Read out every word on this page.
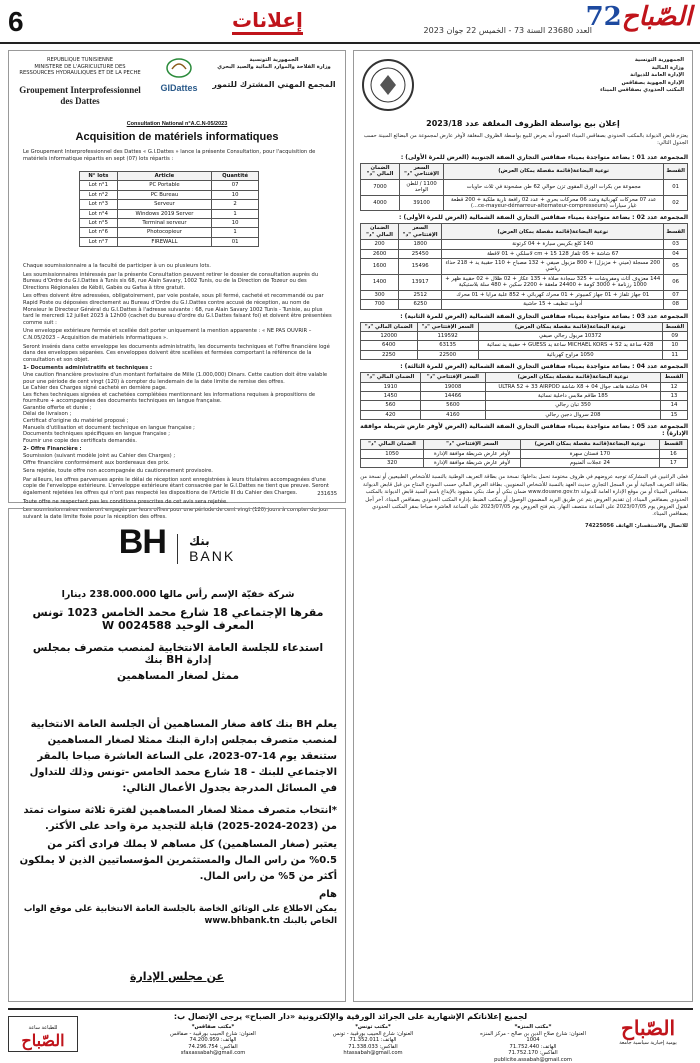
6	إعلانات	الصّباح72
العدد 23680 السنة 73 - الخميس 22 جوان 2023
REPUBLIQUE TUNISIENNE
MINISTERE DE L'AGRICULTURE DES
RESSOURCES HYDRAULIQUES ET DE LA PECHE
Groupement Interprofessionnel des Dattes
GIDattes
الجمهورية التونسية
وزارة الفلاحة والموارد المائية والصيد البحري
المجمع المهني المشترك للتمور
Consultation National n°A.C.N-05/2023
Acquisition de matériels informatiques
Le Groupement Interprofessionnel des Dattes « G.I.Dattes » lance la présente Consultation, pour l'acquisition de matériels informatique répartis en sept (07) lots répartis :
N° lots	Article	Quantité
Lot n°1	PC Portable	07
Lot n°2	PC Bureau	10
Lot n°3	Serveur	2
Lot n°4	Windows 2019 Server	1
Lot n°5	Terminal serveur	10
Lot n°6	Photocopieur	1
Lot n°7	FIREWALL	01

Chaque soumissionnaire a la faculté de participer à un ou plusieurs lots.

Les soumissionnaires intéressés par la présente Consultation peuvent retirer le dossier de consultation auprès du Bureau d'Ordre du G.I.Dattes à Tunis sis 68, rue Alain Savary, 1002 Tunis, ou de la Direction de Tozeur ou des Directions Régionales de Kébili, Gabès ou Gafsa à titre gratuit.

Les offres doivent être adressées, obligatoirement, par voie postale, sous pli fermé, cacheté et recommandé ou par Rapid Poste ou déposées directement au Bureau d'Ordre du G.I.Dattes contre accusé de réception, au nom de Monsieur le Directeur Général du G.I.Dattes à l'adresse suivante : 68, rue Alain Savary 1002 Tunis - Tunisie, au plus tard le mercredi 12 juillet 2023 à 12h00 (cachet du bureau d'ordre du G.I.Dattes faisant foi) et doivent être présentées comme suit :

Une enveloppe extérieure fermée et scellée doit porter uniquement la mention apparente : « NE PAS OUVRIR – C.N.05/2023 – Acquisition de matériels informatiques ».

Seront insérés dans cette enveloppe les documents administratifs, les documents techniques et l'offre financière logé dans des enveloppes séparées. Ces enveloppes doivent être scellées et fermées comportant la référence de la consultation et son objet.

1- Documents administratifs et techniques :

Une caution financière provisoire d'un montant forfaitaire de Mille (1.000,000) Dinars. Cette caution doit être valable pour une période de cent vingt (120) à compter du lendemain de la date limite de remise des offres.

Le Cahier des Charges signé cacheté en dernière page.

Les fiches techniques signées et cachetées complétées mentionnant les informations requises à propositions de fourniture + accompagnées des documents techniques en langue française.

Garantie offerte et durée ;

Délai de livraison ;

Certificat d'origine du matériel proposé ;

Manuels d'utilisation et document technique en langue française ;

Documents techniques spécifiques en langue française ;

Fournir une copie des certificats demandés.

2- Offre Financière :

Soumission (suivant modèle joint au Cahier des Charges) ;

Offre financière conformément aux bordereaux des prix.

Sera rejetée, toute offre non accompagnée du cautionnement provisoire.

Par ailleurs, les offres parvenues après le délai de réception sont enregistrées à leurs titulaires accompagnées d'une copie de l'enveloppe extérieure. L'enveloppe extérieure étant consacrée par le G.I.Dattes ne tient que preuve. Seront également rejetées les offres qui n'ont pas respecté les dispositions de l'Article III du Cahier des Charges.

Toute offre ne respectant pas les conditions prescrites de cet avis sera rejetée.

Les soumissionnaires resteront engagés par leurs offres pour une période de cent vingt (120) jours à compter du jour suivant la date limite fixée pour la réception des offres.

231635
BH بنك
BANK
شركة خفيّة الإسم رأس مالها 238.000.000 دينارا
مقرها الإجتماعي 18 شارع محمد الخامس 1023 تونس
المعرف الوحيد W 0024588
استدعاء للجلسة العامة الانتخابية لمنصب متصرف بمجلس إدارة BH بنك
ممثل لصغار المساهمين

يعلم BH بنك كافة صغار المساهمين أن الجلسة العامة الانتخابية لمنصب متصرف بمجلس إدارة البنك ممثلا لصغار المساهمين ستنعقد يوم 14-07-2023، على الساعة العاشرة صباحا بالمقر الاجتماعي للبنك - 18 شارع محمد الخامس -تونس وذلك للتداول في المسائل المدرجة بجدول الأعمال التالي:

*انتخاب متصرف ممثلا لصغار المساهمين لفترة ثلاثة سنوات تمتد من (2023-2024-2025) قابلة للتجديد مرة واحد على الأكثر.

يعتبر (صغار المساهمين) كل مساهم لا يملك فرادى أكثر من 0.5% من راس المال والمستثمرين المؤسساتيين الذين لا يملكون أكثر من 5% من راس المال.

هام

يمكن الاطلاع على الوثائق الخاصة بالجلسة العامة الانتخابية على موقع الواب الخاص بالبنك www.bhbank.tn

عن مجلس الإدارة
الجمهورية التونسية
وزارة المالية
الإدارة العامة للديوانة
الإدارة الجهوية بصفاقس
المكتب الحدودي بصفاقس الميناء
إعلان بيع بواسطة الظروف المغلقة عدد 2023/18
يعتزم قابض الديوانة بالمكتب الحدودي بصفاقس الميناء العموم أنه يعرض للبيع بواسطة الظروف المغلقة لأوفر عارض لمجموعة من البضائع المبينة حسب الجدول التالي:
المجموعة عدد 01 : بضاعة متواجدة بميناء صفاقس التجاري الضفة الجنوبية (العرض للمرة الأولى) :
القسط	نوعية البضاعة(قائمة مفصلة بمكان العرض)	السعر الإفتتاحي "د"	الضمان المالي "د"
01	مجموعة من بكرات الورق المقوى تزن حوالي 62 طن مشحونة في ثلاث حاويات	1100 / للطن الواحد	7000
02	عدد 07 محركات كهربائية وعدد 06 محركات بحري + عدد 02 رافعة نارية ملكية + 200 قطعة غيار سيارات (ce-mayeur-démarreur-alternateur-compresseurs...)	39100	4000
المجموعة عدد 02 : بضاعة متواجدة بميناء صفاقس التجاري الضفة الشمالية (العرض للمرة الأولى) :
القسط	نوعية البضاعة(قائمة مفصلة بمكان العرض)	السعر الإفتتاحي "د"	الضمان المالي "د"
03	140 كلغ بكريس سيارة + 04 كرتونة	1800	200
04	67 شاشة + 05 تلفاز 128 cm + 15 لاسلكي + 01 لاقطة	25450	2600
05	200 مسجلة (ميني + مزيزل) + 800 مزيول صيفي + 132 مصباح + 110 حقيبة يد + 218 حذاء رياضي	15496	1600
06	144 معزوف أثاث ومفروشات + 325 سجادة صلاة + 135 عكاز + 02 ظلال + 02 حقيبة ظهر + 1000 رزنامة + 3000 كومة + 24400 ملعقة + 2200 سكين + 480 سلة بلاستيكية	13917	1400
07	01 جهاز تلفاز + 01 جهاز كمبيوتر + 01 محرك كهربائي + 852 علبة مرايا + 01 محرك	2512	300
08	أدوات تنظيف + 15 حاشية	6250	700
المجموعة عدد 03 : بضاعة متواجدة بميناء صفاقس التجاري الضفة الشمالية (العرض للمرة الثانية) :
القسط	نوعية البضاعة(قائمة مفصلة بمكان العرض)	السعر الإفتتاحي "د"	الضمان المالي "د"
09	10372 مريول رجالي صيفي	119592	12000
10	428 ساعة يد MICHAEL KORS + 52 ساعة يد GUESS + حقيبة يد نسائية	63135	6400
11	1050 مراوح كهربائية	22500	2250
المجموعة عدد 04 : بضاعة متواجدة بميناء صفاقس التجاري الضفة الشمالية (العرض للمرة الثالثة) :
القسط	نوعية البضاعة(قائمة مفصلة بمكان العرض)	السعر الإفتتاحي "د"	الضمان المالي "د"
12	04 شاشة هاتف جوال X8 + 04 شاشة ULTRA 52 + 33 AIRPOD	19008	1910
13	185 طاقم ملابس داخلية نسائية	14466	1450
14	350 تبان رجالي	5600	560
15	208 سروال دجين رجالي	4160	420
المجموعة عدد 05 : بضاعة متواجدة بميناء صفاقس التجاري الضفة الشمالية (العرض لأوفر عارض شريطة موافقة الإدارة) :
القسط	نوعية البضاعة(قائمة مفصلة بمكان العرض)	السعر الإفتتاحي "د"	الضمان المالي "د"
16	170 فستان سهرة	لأوفر عارض شريطة موافقة الإدارة	1050
17	24 عجلات ألمنيوم	لأوفر عارض شريطة موافقة الإدارة	320

فعلى الراغبين في المشاركة توجيه عروضهم في ظروف مختومة تحمل بداخلها: نسخة من بطاقة التعريف الوطنية بالنسبة للأشخاص الطبيعيين أو نسخة من بطاقة التعريف الجبائية أو من السجل التجاري حديث العهد بالنسبة للأشخاص المعنويين. بطاقة العرض المالي حسب النموذج المتاح من قبل قابض الديوانة بصفاقس الميناء أو من موقع الإدارة العامة للديوانة www.douane.gov.tn ضمان بنكي أو صك بنكي مشهود بالإيداع باسم السيد قابض الديوانة بالمكتب الحدودي بصفاقس الميناء. إن تقديم العروض يتم عن طريق البريد المضمون الوصول أو بمكتب الضبط بإدارة المكتب الحدودي بصفاقس الميناء. آخر أجل لقبول العروض يوم 2023/07/05 على الساعة منتصف النهار. يتم فتح العروض يوم 2023/07/05 على الساعة العاشرة صباحا بمقر المكتب الحدودي بصفاقس الميناء.

للاتصال والاستفسار: الهاتف 74225056

لجميع إعلاناتكم الإشهارية على الجرائد الورقية والإلكترونية «دار الصباح» يرجى الإتصال ب:	الصّباح
يومية إخبارية سياسية جامعة
*مكتب المنزه*
العنوان: شارع صلاح الدين بن صالح - مركز المنزه 1004
الهاتف: 71.752.440
الفاكس: 71.752.170
publicite.assabah@gmail.com
*مكتب تونس*
العنوان: شارع الحبيب بورقيبة - تونس
الهاتف: 71.352.011
الفاكس: 71.338.033
htassabah@gmail.com
*مكتب صفاقس*
العنوان: شارع الحبيب بورقيبة - صفاقس
الهاتف: 74.200.959
الفاكس: 74.296.754
sfaxassabah@gmail.com
للطباعة ساعة
الصّباح
